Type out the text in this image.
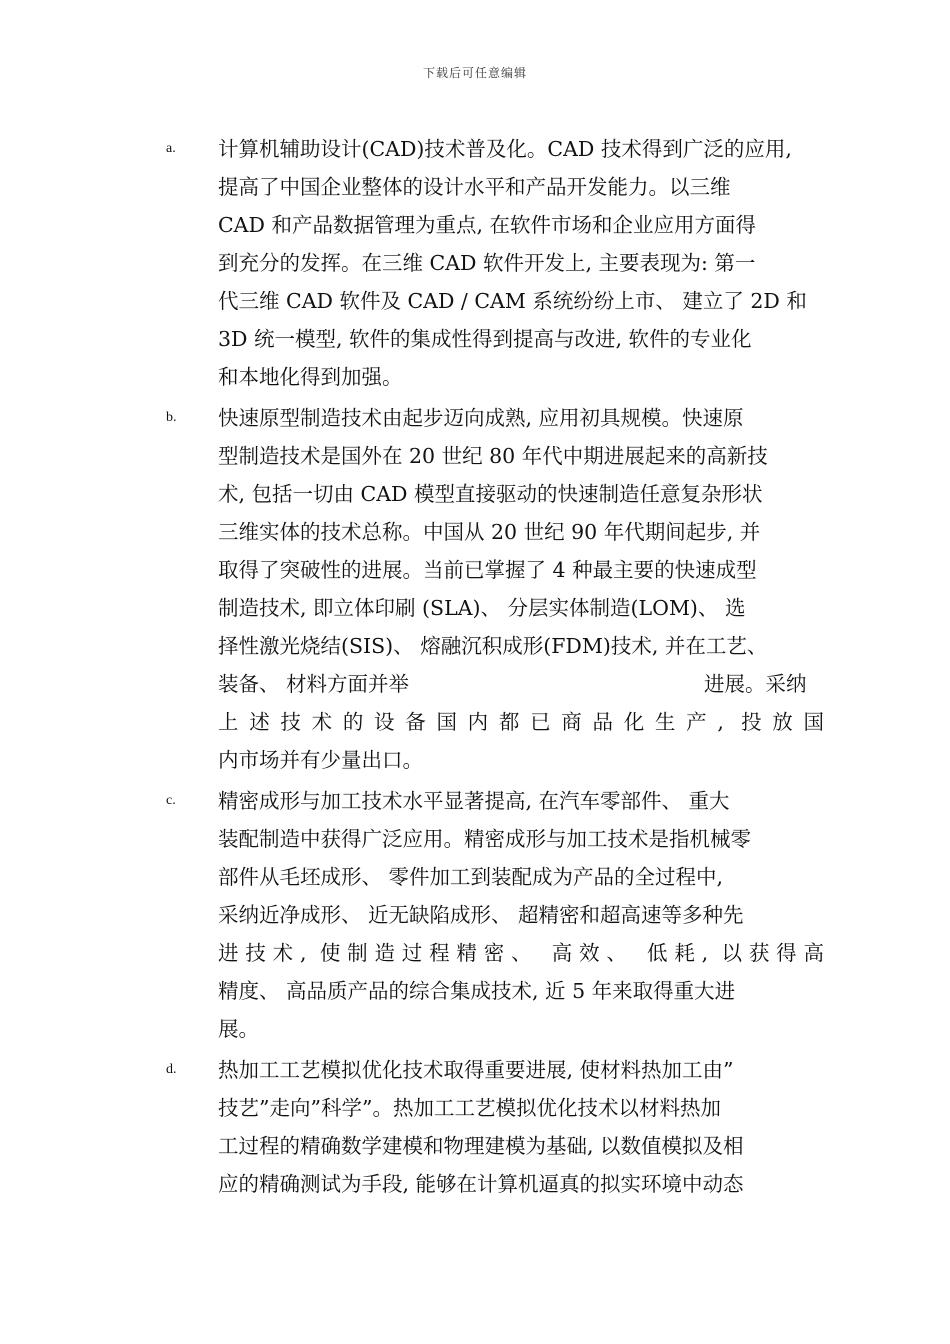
下载后可任意编辑
a. 计算机辅助设计(CAD)技术普及化。CAD 技术得到广泛的应用,
提高了中国企业整体的设计水平和产品开发能力。以三维
CAD 和产品数据管理为重点, 在软件市场和企业应用方面得
到充分的发挥。在三维 CAD 软件开发上, 主要表现为: 第一
代三维 CAD 软件及 CAD / CAM 系统纷纷上市、 建立了 2D 和
3D 统一模型, 软件的集成性得到提高与改进, 软件的专业化
和本地化得到加强。
b. 快速原型制造技术由起步迈向成熟, 应用初具规模。快速原
型制造技术是国外在 20 世纪 80 年代中期进展起来的高新技
术, 包括一切由 CAD 模型直接驱动的快速制造任意复杂形状
三维实体的技术总称。中国从 20 世纪 90 年代期间起步, 并
取得了突破性的进展。当前已掌握了 4 种最主要的快速成型
制造技术, 即立体印刷 (SLA)、 分层实体制造(LOM)、 选
择性激光烧结(SIS)、 熔融沉积成形(FDM)技术, 并在工艺、
装备、 材料方面并举	进展。采纳
上述技术的设备国内都已商品化生产, 投放国
内市场并有少量出口。
c. 精密成形与加工技术水平显著提高, 在汽车零部件、 重大
装配制造中获得广泛应用。精密成形与加工技术是指机械零
部件从毛坯成形、 零件加工到装配成为产品的全过程中,
采纳近净成形、 近无缺陷成形、 超精密和超高速等多种先
进技术, 使制造过程精密、 高效、 低耗, 以获得高
精度、 高品质产品的综合集成技术, 近 5 年来取得重大进
展。
d. 热加工工艺模拟优化技术取得重要进展, 使材料热加工由”
技艺”走向”科学”。热加工工艺模拟优化技术以材料热加
工过程的精确数学建模和物理建模为基础, 以数值模拟及相
应的精确测试为手段, 能够在计算机逼真的拟实环境中动态
